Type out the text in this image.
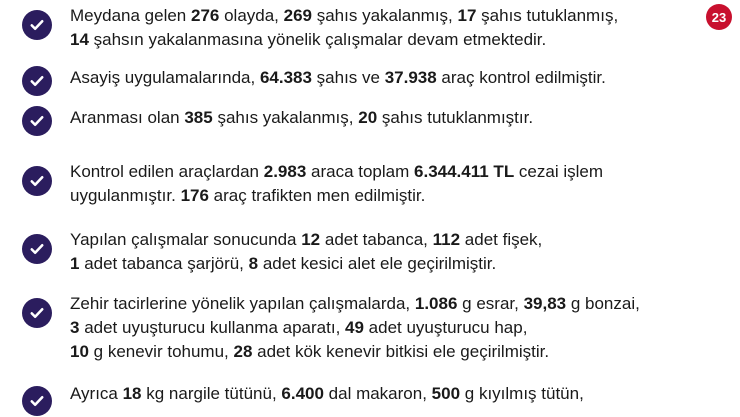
23
Meydana gelen 276 olayda, 269 şahıs yakalanmış, 17 şahıs tutuklanmış,
14 şahsın yakalanmasına yönelik çalışmalar devam etmektedir.
Asayiş uygulamalarında, 64.383 şahıs ve 37.938 araç kontrol edilmiştir.
Aranması olan 385 şahıs yakalanmış, 20 şahıs tutuklanmıştır.
Kontrol edilen araçlardan 2.983 araca toplam 6.344.411 TL cezai işlem
uygulanmıştır. 176 araç trafikten men edilmiştir.
Yapılan çalışmalar sonucunda 12 adet tabanca, 112 adet fişek,
1 adet tabanca şarjörü, 8 adet kesici alet ele geçirilmiştir.
Zehir tacirlerine yönelik yapılan çalışmalarda, 1.086 g esrar, 39,83 g bonzai,
3 adet uyuşturucu kullanma aparatı, 49 adet uyuşturucu hap,
10 g kenevir tohumu, 28 adet kök kenevir bitkisi ele geçirilmiştir.
Ayrıca 18 kg nargile tütünü, 6.400 dal makaron, 500 g kıyılmış tütün,
